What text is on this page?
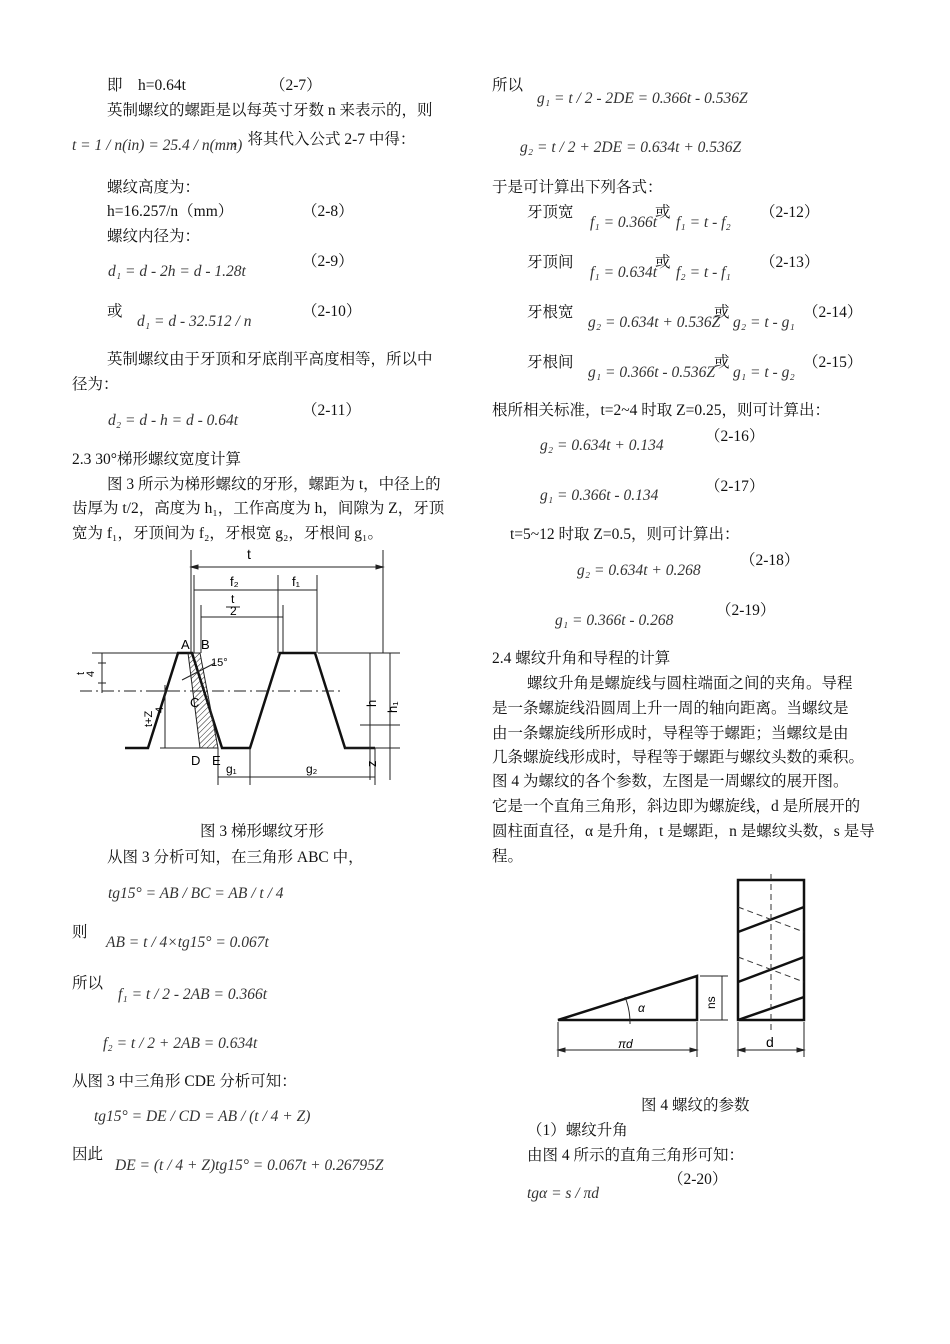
即　h=0.64t	（2-7）
英制螺纹的螺距是以每英寸牙数 n 来表示的，则
t = 1 / n(in) = 25.4 / n(mm)
，将其代入公式 2-7 中得：
螺纹高度为：
h=16.257/n（mm）	（2-8）
螺纹内径为：
d₁ = d - 2h = d - 1.28t
（2-9）
或
d₁ = d - 32.512 / n
（2-10）
英制螺纹由于牙顶和牙底削平高度相等，所以中
径为：
d₂ = d - h = d - 0.64t
（2-11）
2.3 30°梯形螺纹宽度计算
图 3 所示为梯形螺纹的牙形，螺距为 t，中径上的
齿厚为 t/2，高度为 h₁，工作高度为 h，间隙为 Z，牙顶
宽为 f₁，牙顶间为 f₂，牙根宽 g₂，牙根间 g₁。
t
f₂	f₁
t
2
A B
15°
C
D E
t
4
t+Z
4
h h₁
z
g₁	g₂
图 3 梯形螺纹牙形
从图 3 分析可知，在三角形 ABC 中，
tg15° = AB / BC = AB / t / 4
则
AB = t / 4×tg15° = 0.067t
所以
f₁ = t / 2 - 2AB = 0.366t
f₂ = t / 2 + 2AB = 0.634t
从图 3 中三角形 CDE 分析可知：
tg15° = DE / CD = AB / (t / 4 + Z)
因此
DE = (t / 4 + Z)tg15° = 0.067t + 0.26795Z
所以
g₁ = t / 2 - 2DE = 0.366t - 0.536Z
g₂ = t / 2 + 2DE = 0.634t + 0.536Z
于是可计算出下列各式：
牙顶宽
f₁ = 0.366t
或
f₁ = t - f₂
（2-12）
牙顶间
f₁ = 0.634t
或
f₂ = t - f₁
（2-13）
牙根宽
g₂ = 0.634t + 0.536Z
或
g₂ = t - g₁
（2-14）
牙根间
g₁ = 0.366t - 0.536Z
或
g₁ = t - g₂
（2-15）
根所相关标准，t=2~4 时取 Z=0.25，则可计算出：
g₂ = 0.634t + 0.134
（2-16）
g₁ = 0.366t - 0.134
（2-17）
t=5~12 时取 Z=0.5，则可计算出：
g₂ = 0.634t + 0.268
（2-18）
g₁ = 0.366t - 0.268
（2-19）
2.4 螺纹升角和导程的计算
螺纹升角是螺旋线与圆柱端面之间的夹角。导程
是一条螺旋线沿圆周上升一周的轴向距离。当螺纹是
由一条螺旋线所形成时，导程等于螺距；当螺纹是由
几条螺旋线形成时，导程等于螺距与螺纹头数的乘积。
图 4 为螺纹的各个参数，左图是一周螺纹的展开图。
它是一个直角三角形，斜边即为螺旋线，d 是所展开的
圆柱面直径，α 是升角，t 是螺距，n 是螺纹头数，s 是导
程。
α
πd
ns
d
图 4 螺纹的参数
（1）螺纹升角
由图 4 所示的直角三角形可知：
tgα = s / πd
（2-20）
